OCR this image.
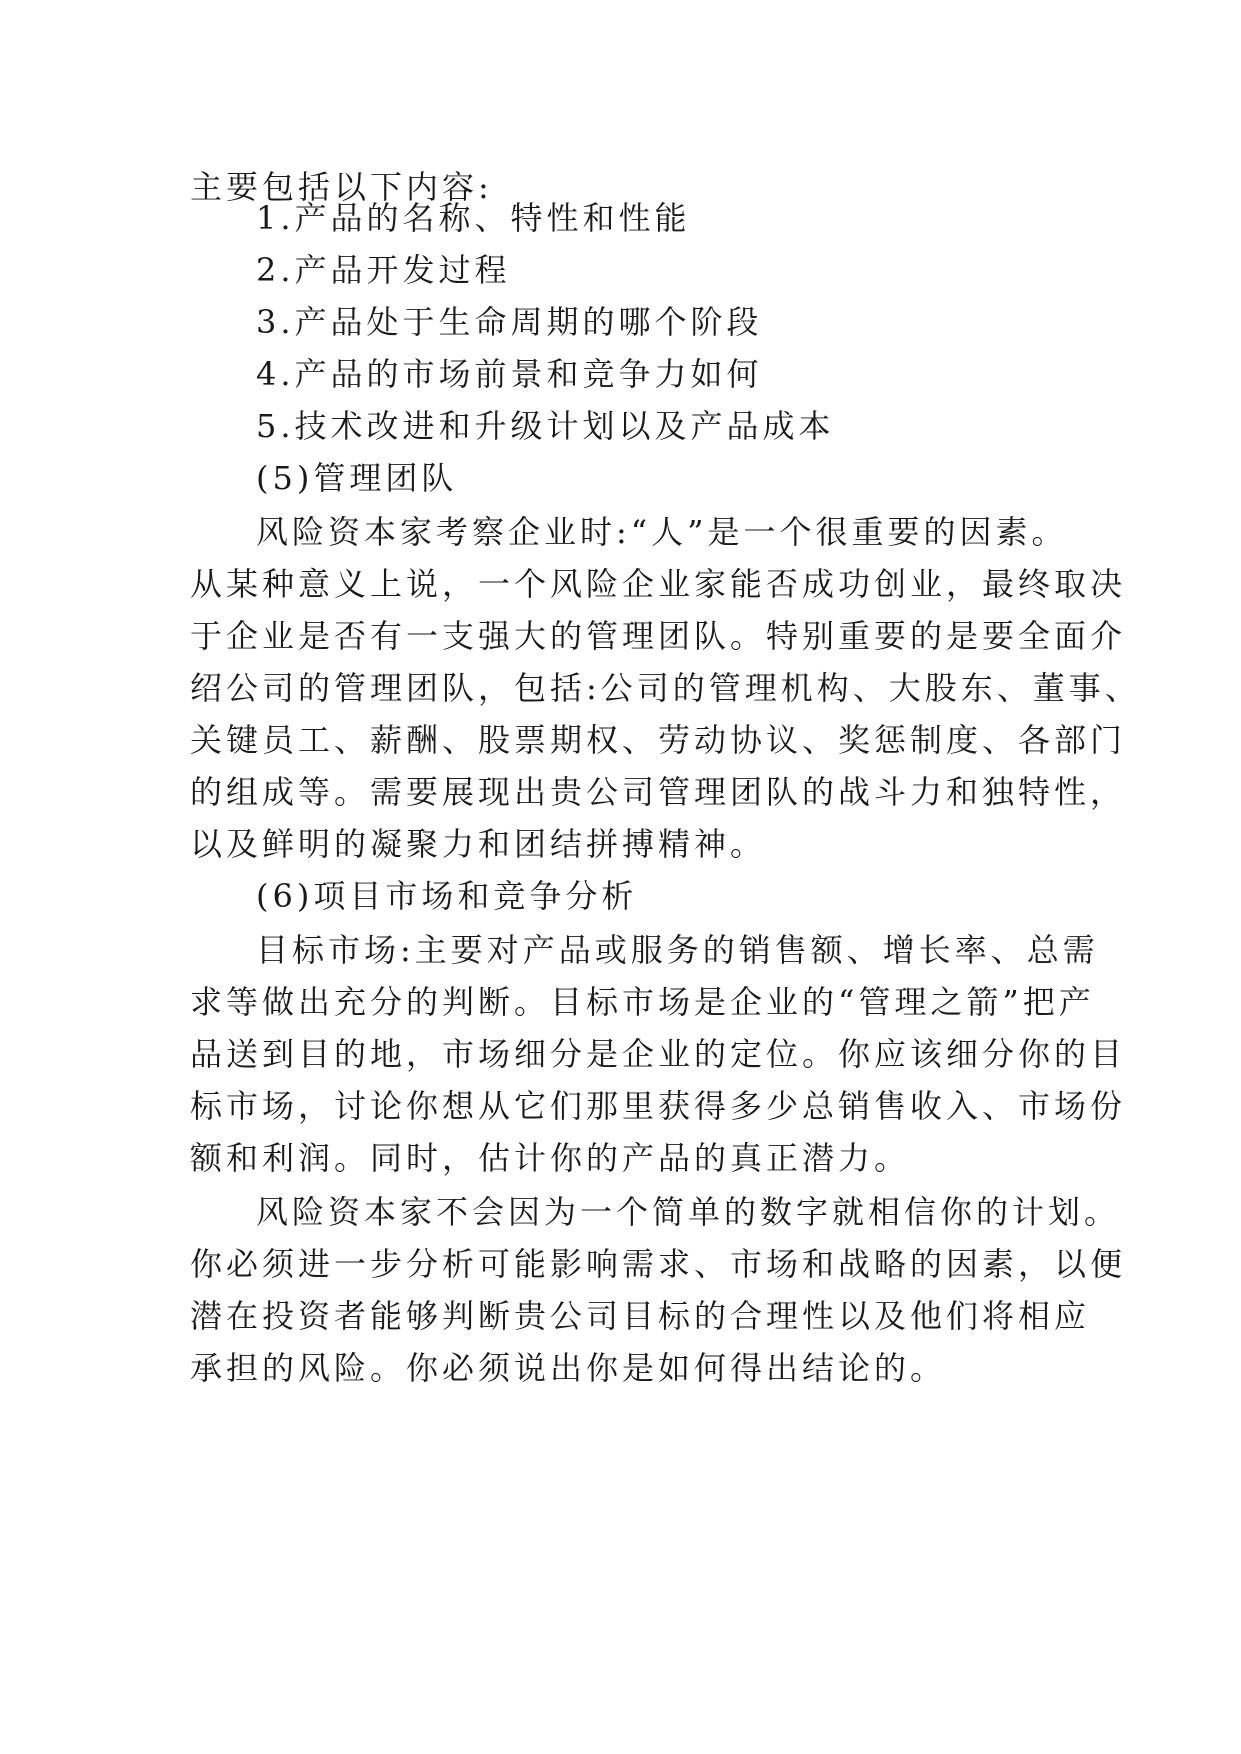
主要包括以下内容:
1.产品的名称、特性和性能
2.产品开发过程
3.产品处于生命周期的哪个阶段
4.产品的市场前景和竞争力如何
5.技术改进和升级计划以及产品成本
(5)管理团队
风险资本家考察企业时:“人”是一个很重要的因素。
从某种意义上说，一个风险企业家能否成功创业，最终取决
于企业是否有一支强大的管理团队。特别重要的是要全面介
绍公司的管理团队，包括:公司的管理机构、大股东、董事、
关键员工、薪酬、股票期权、劳动协议、奖惩制度、各部门
的组成等。需要展现出贵公司管理团队的战斗力和独特性，
以及鲜明的凝聚力和团结拼搏精神。
(6)项目市场和竞争分析
目标市场:主要对产品或服务的销售额、增长率、总需
求等做出充分的判断。目标市场是企业的“管理之箭”把产
品送到目的地，市场细分是企业的定位。你应该细分你的目
标市场，讨论你想从它们那里获得多少总销售收入、市场份
额和利润。同时，估计你的产品的真正潜力。
风险资本家不会因为一个简单的数字就相信你的计划。
你必须进一步分析可能影响需求、市场和战略的因素，以便
潜在投资者能够判断贵公司目标的合理性以及他们将相应
承担的风险。你必须说出你是如何得出结论的。
